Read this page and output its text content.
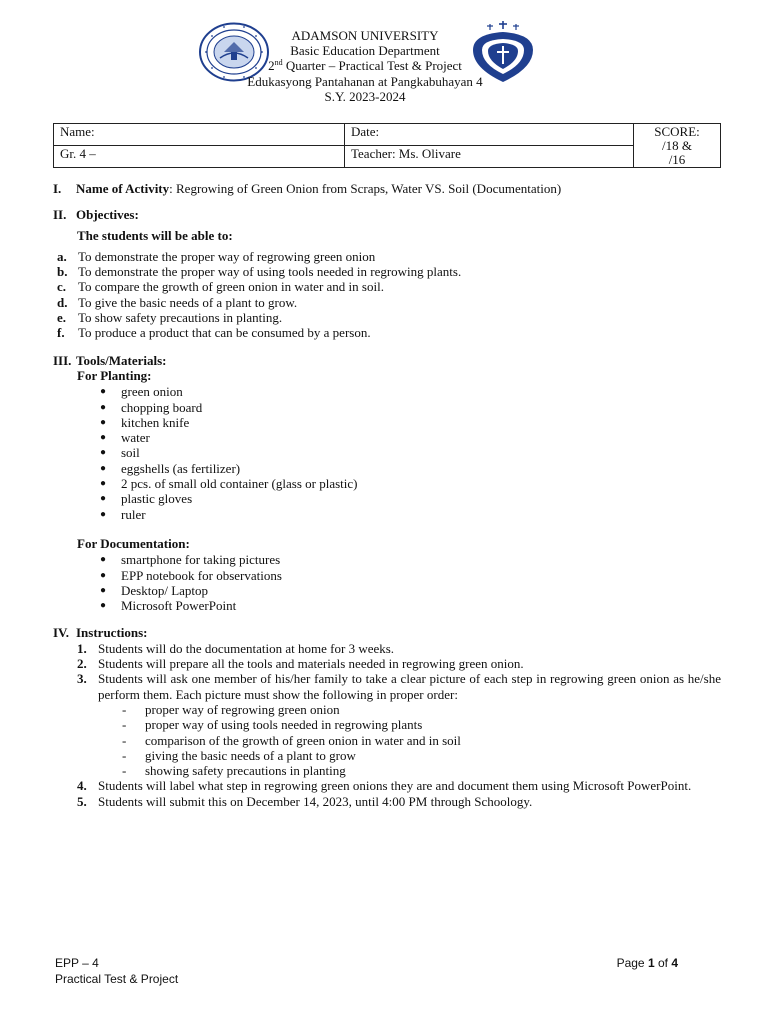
ADAMSON UNIVERSITY
Basic Education Department
2nd Quarter – Practical Test & Project
Edukasyong Pantahanan at Pangkabuhayan 4
S.Y. 2023-2024
Name:	Date:	SCORE:
/18 &
/16

Gr. 4 –	Teacher: Ms. Olivare	
I.	Name of Activity: Regrowing of Green Onion from Scraps, Water VS. Soil (Documentation)
II. Objectives:
The students will be able to:
a. To demonstrate the proper way of regrowing green onion
b. To demonstrate the proper way of using tools needed in regrowing plants.
c. To compare the growth of green onion in water and in soil.
d. To give the basic needs of a plant to grow.
e. To show safety precautions in planting.
f.	To produce a product that can be consumed by a person.
III. Tools/Materials:
For Planting:
●	green onion
●	chopping board
●	kitchen knife
●	water
●	soil
●	eggshells (as fertilizer)
●	2 pcs. of small old container (glass or plastic)
●	plastic gloves
●	ruler
For Documentation:
●	smartphone for taking pictures
●	EPP notebook for observations
●	Desktop/ Laptop
●	Microsoft PowerPoint
IV. Instructions:
1. Students will do the documentation at home for 3 weeks.
2. Students will prepare all the tools and materials needed in regrowing green onion.
3. Students will ask one member of his/her family to take a clear picture of each step in regrowing green onion as he/she perform them. Each picture must show the following in proper order:
-	proper way of regrowing green onion
-	proper way of using tools needed in regrowing plants
-	comparison of the growth of green onion in water and in soil
-	giving the basic needs of a plant to grow
-	showing safety precautions in planting
4. Students will label what step in regrowing green onions they are and document them using Microsoft PowerPoint.
5. Students will submit this on December 14, 2023, until 4:00 PM through Schoology.
EPP – 4
Practical Test & Project
Page 1 of 4
